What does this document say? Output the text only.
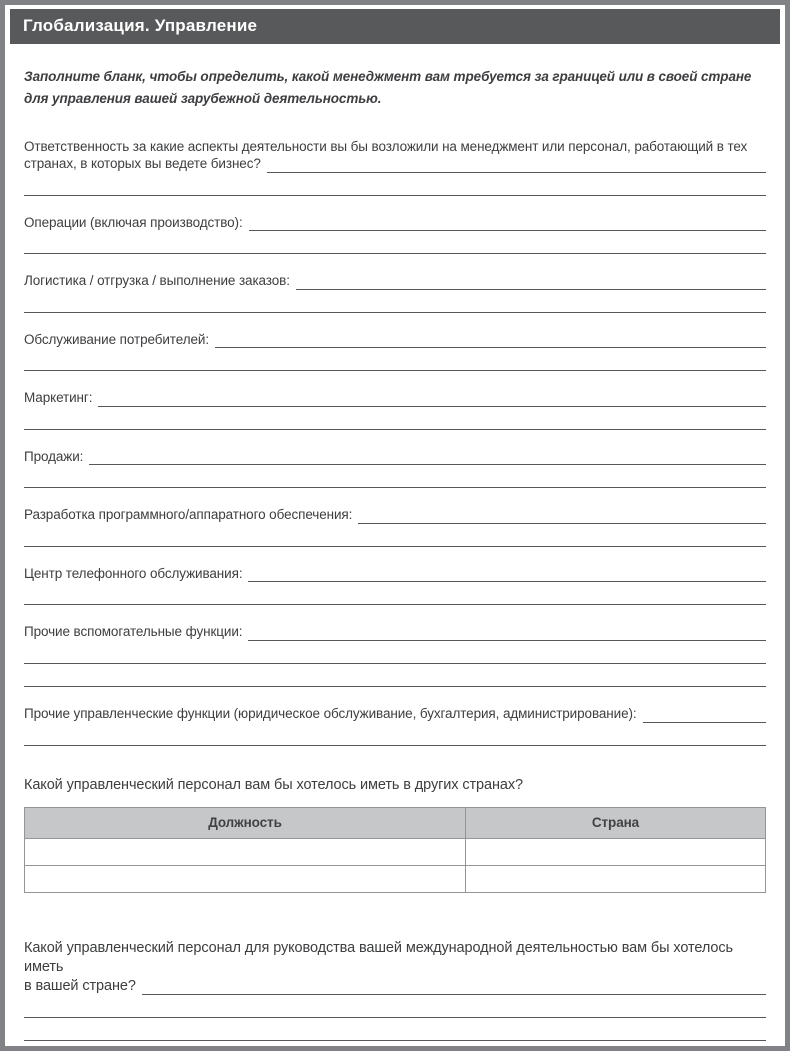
Глобализация. Управление

Заполните бланк, чтобы определить, какой менеджмент вам требуется за границей или в своей стране для управления вашей зарубежной деятельностью.

Ответственность за какие аспекты деятельности вы бы возложили на менеджмент или персонал, работающий в тех

странах, в которых вы ведете бизнес?
Операции (включая производство):
Логистика / отгрузка / выполнение заказов:
Обслуживание потребителей:
Маркетинг:
Продажи:
Разработка программного/аппаратного обеспечения:
Центр телефонного обслуживания:
Прочие вспомогательные функции:
Прочие управленческие функции (юридическое обслуживание, бухгалтерия, администрирование):

Какой управленческий персонал вам бы хотелось иметь в других странах?

Должность	Страна

Какой управленческий персонал для руководства вашей международной деятельностью вам бы хотелось иметь

в вашей стране?
